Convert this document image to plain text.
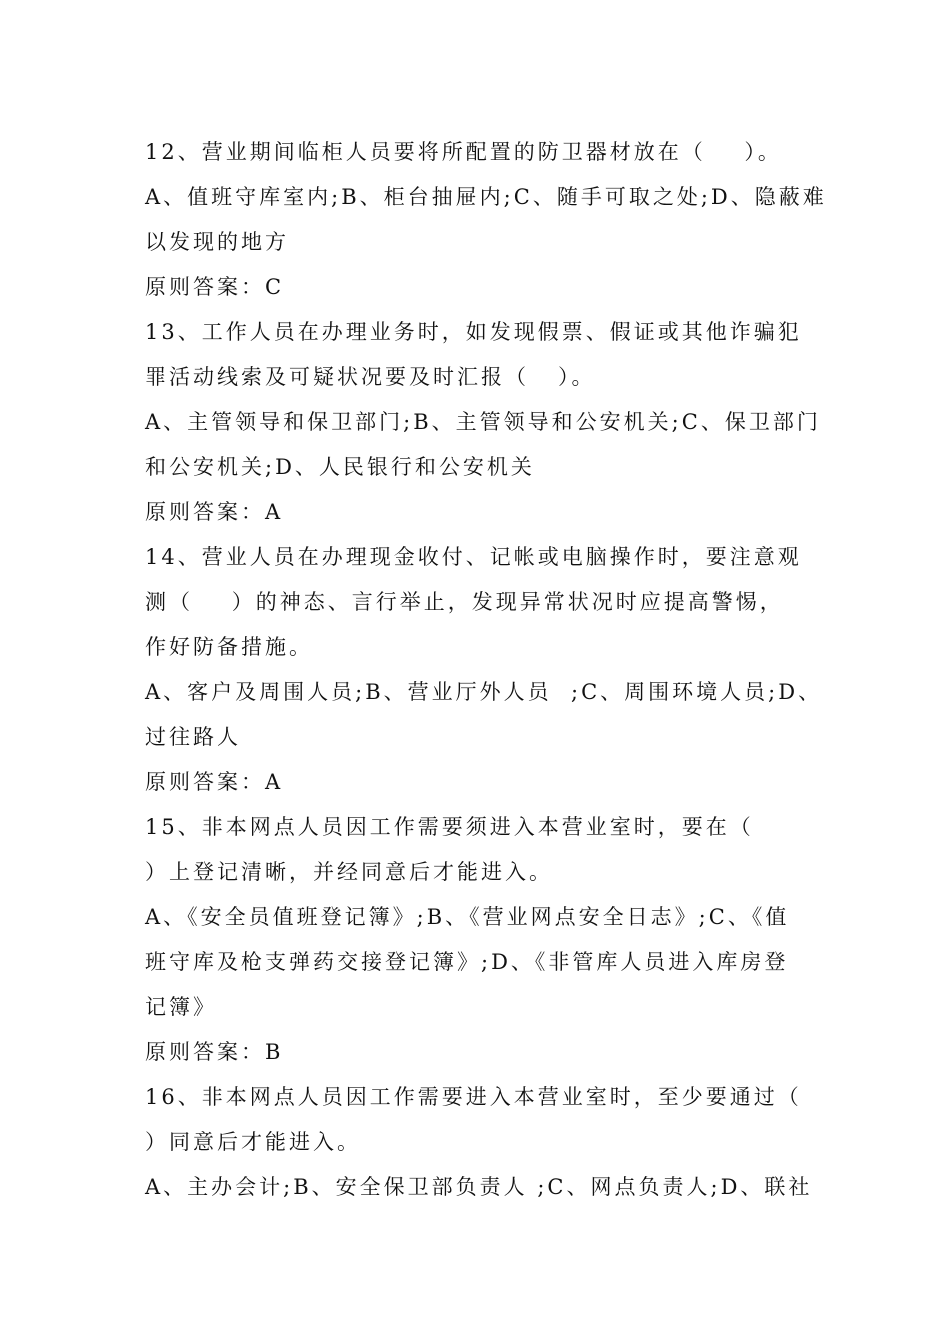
12、营业期间临柜人员要将所配置的防卫器材放在（    ）。
A、值班守库室内;B、柜台抽屉内;C、随手可取之处;D、隐蔽难
以发现的地方
原则答案：C
13、工作人员在办理业务时，如发现假票、假证或其他诈骗犯
罪活动线索及可疑状况要及时汇报（   ）。
A、主管领导和保卫部门;B、主管领导和公安机关;C、保卫部门
和公安机关;D、人民银行和公安机关
原则答案：A
14、营业人员在办理现金收付、记帐或电脑操作时，要注意观
测（    ）的神态、言行举止，发现异常状况时应提高警惕，
作好防备措施。
A、客户及周围人员;B、营业厅外人员  ;C、周围环境人员;D、
过往路人
原则答案：A
15、非本网点人员因工作需要须进入本营业室时，要在（
）上登记清晰，并经同意后才能进入。
A、《安全员值班登记簿》;B、《营业网点安全日志》;C、《值
班守库及枪支弹药交接登记簿》;D、《非管库人员进入库房登
记簿》
原则答案：B
16、非本网点人员因工作需要进入本营业室时，至少要通过（
）同意后才能进入。
A、主办会计;B、安全保卫部负责人 ;C、网点负责人;D、联社
